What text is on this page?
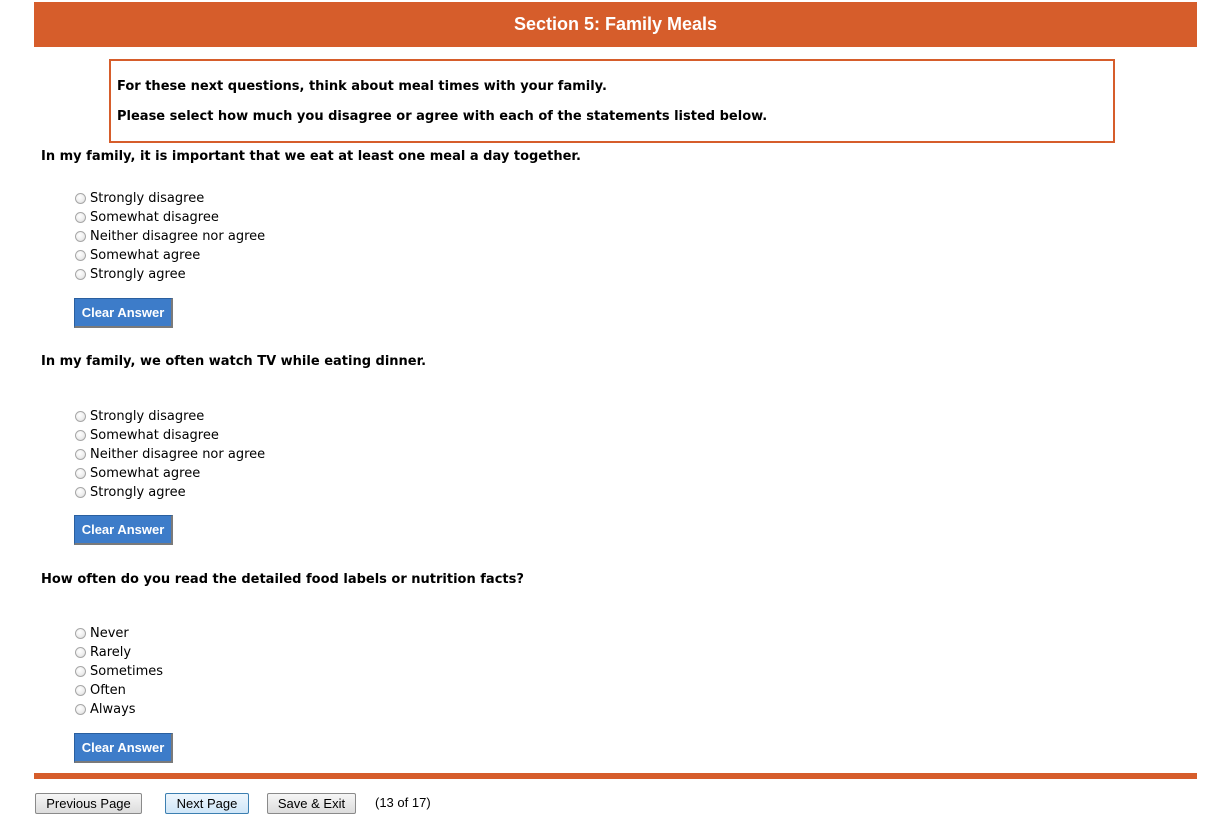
Section 5: Family Meals

For these next questions, think about meal times with your family.

Please select how much you disagree or agree with each of the statements listed below.

In my family, it is important that we eat at least one meal a day together.

Strongly disagree
Somewhat disagree
Neither disagree nor agree
Somewhat agree
Strongly agree
Clear Answer

In my family, we often watch TV while eating dinner.

Strongly disagree
Somewhat disagree
Neither disagree nor agree
Somewhat agree
Strongly agree
Clear Answer

How often do you read the detailed food labels or nutrition facts?

Never
Rarely
Sometimes
Often
Always
Clear Answer
Previous Page	Next Page	Save & Exit	(13 of 17)
